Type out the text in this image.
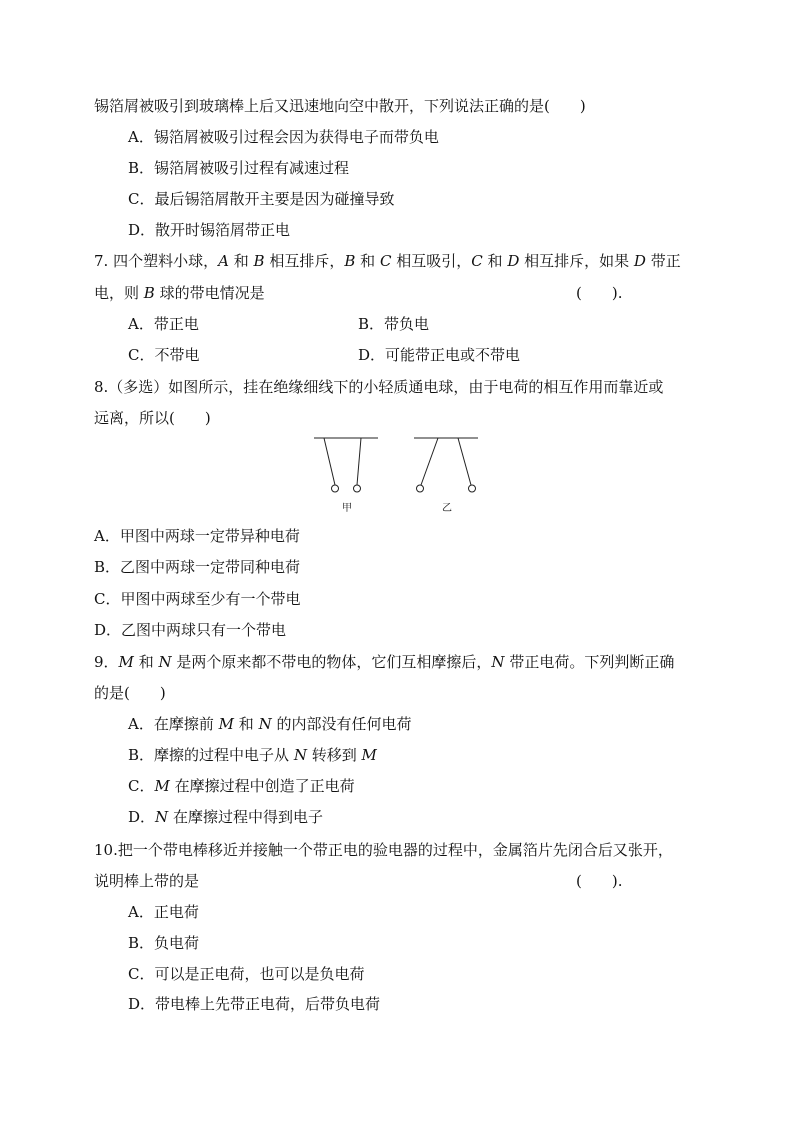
锡箔屑被吸引到玻璃棒上后又迅速地向空中散开，下列说法正确的是(　　)
A．锡箔屑被吸引过程会因为获得电子而带负电
B．锡箔屑被吸引过程有减速过程
C．最后锡箔屑散开主要是因为碰撞导致
D．散开时锡箔屑带正电
7. 四个塑料小球，A 和 B 相互排斥，B 和 C 相互吸引，C 和 D 相互排斥，如果 D 带正
电，则 B 球的带电情况是	(　　).
A．带正电	B．带负电
C．不带电	D．可能带正电或不带电
8.（多选）如图所示，挂在绝缘细线下的小轻质通电球，由于电荷的相互作用而靠近或
远离，所以(　　)
甲	乙
A．甲图中两球一定带异种电荷
B．乙图中两球一定带同种电荷
C．甲图中两球至少有一个带电
D．乙图中两球只有一个带电
9．M 和 N 是两个原来都不带电的物体，它们互相摩擦后，N 带正电荷。下列判断正确
的是(　　)
A．在摩擦前 M 和 N 的内部没有任何电荷
B．摩擦的过程中电子从 N 转移到 M
C．M 在摩擦过程中创造了正电荷
D．N 在摩擦过程中得到电子
10.把一个带电棒移近并接触一个带正电的验电器的过程中，金属箔片先闭合后又张开，
说明棒上带的是	(　　).
A．正电荷
B．负电荷
C．可以是正电荷，也可以是负电荷
D．带电棒上先带正电荷，后带负电荷
